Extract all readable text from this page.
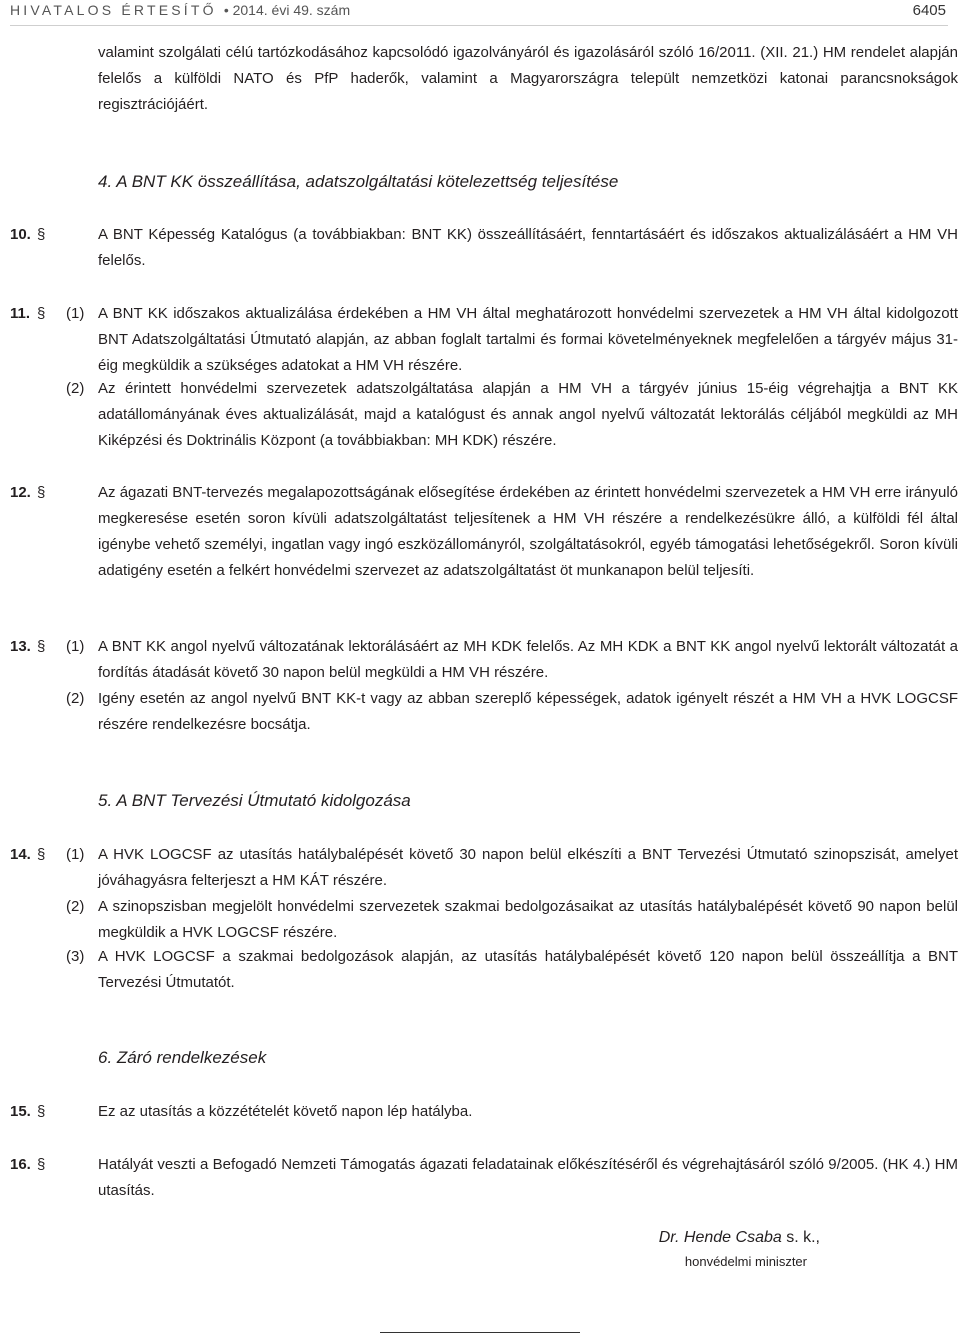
HIVATALOS ÉRTESÍTŐ • 2014. évi 49. szám	6405
valamint szolgálati célú tartózkodásához kapcsolódó igazolványáról és igazolásáról szóló 16/2011. (XII. 21.) HM rendelet alapján felelős a külföldi NATO és PfP haderők, valamint a Magyarországra települt nemzetközi katonai parancsnokságok regisztrációjáért.
4. A BNT KK összeállítása, adatszolgáltatási kötelezettség teljesítése
10. §	A BNT Képesség Katalógus (a továbbiakban: BNT KK) összeállításáért, fenntartásáért és időszakos aktualizálásáért a HM VH felelős.
11. § (1) A BNT KK időszakos aktualizálása érdekében a HM VH által meghatározott honvédelmi szervezetek a HM VH által kidolgozott BNT Adatszolgáltatási Útmutató alapján, az abban foglalt tartalmi és formai követelményeknek megfelelően a tárgyév május 31-éig megküldik a szükséges adatokat a HM VH részére.
(2) Az érintett honvédelmi szervezetek adatszolgáltatása alapján a HM VH a tárgyév június 15-éig végrehajtja a BNT KK adatállományának éves aktualizálását, majd a katalógust és annak angol nyelvű változatát lektorálás céljából megküldi az MH Kiképzési és Doktrinális Központ (a továbbiakban: MH KDK) részére.
12. §	Az ágazati BNT-tervezés megalapozottságának elősegítése érdekében az érintett honvédelmi szervezetek a HM VH erre irányuló megkeresése esetén soron kívüli adatszolgáltatást teljesítenek a HM VH részére a rendelkezésükre álló, a külföldi fél által igénybe vehető személyi, ingatlan vagy ingó eszközállományról, szolgáltatásokról, egyéb támogatási lehetőségekről. Soron kívüli adatigény esetén a felkért honvédelmi szervezet az adatszolgáltatást öt munkanapon belül teljesíti.
13. § (1) A BNT KK angol nyelvű változatának lektorálásáért az MH KDK felelős. Az MH KDK a BNT KK angol nyelvű lektorált változatát a fordítás átadását követő 30 napon belül megküldi a HM VH részére.
(2) Igény esetén az angol nyelvű BNT KK-t vagy az abban szereplő képességek, adatok igényelt részét a HM VH a HVK LOGCSF részére rendelkezésre bocsátja.
5. A BNT Tervezési Útmutató kidolgozása
14. § (1) A HVK LOGCSF az utasítás hatálybalépését követő 30 napon belül elkészíti a BNT Tervezési Útmutató szinopszisát, amelyet jóváhagyásra felterjeszt a HM KÁT részére.
(2) A szinopszisban megjelölt honvédelmi szervezetek szakmai bedolgozásaikat az utasítás hatálybalépését követő 90 napon belül megküldik a HVK LOGCSF részére.
(3) A HVK LOGCSF a szakmai bedolgozások alapján, az utasítás hatálybalépését követő 120 napon belül összeállítja a BNT Tervezési Útmutatót.
6. Záró rendelkezések
15. §	Ez az utasítás a közzétételét követő napon lép hatályba.
16. §	Hatályát veszti a Befogadó Nemzeti Támogatás ágazati feladatainak előkészítéséről és végrehajtásáról szóló 9/2005. (HK 4.) HM utasítás.
Dr. Hende Csaba s. k.,
honvédelmi miniszter
